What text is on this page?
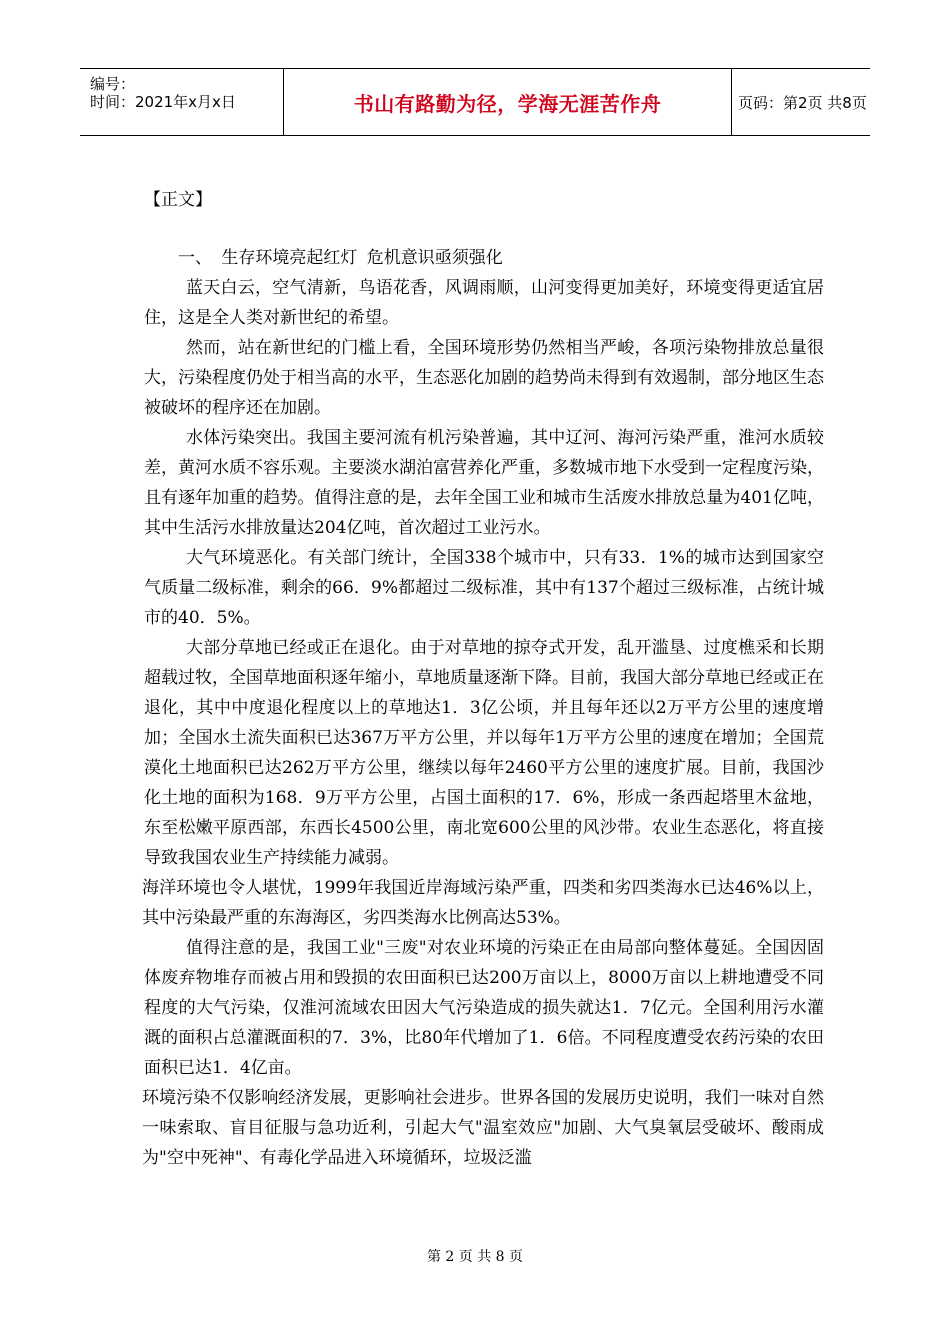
编号：
时间：2021年x月x日	书山有路勤为径，学海无涯苦作舟	页码：第2页 共8页

【正文】

一、 生存环境亮起红灯 危机意识亟须强化

蓝天白云，空气清新，鸟语花香，风调雨顺，山河变得更加美好，环境变得更适宜居住，这是全人类对新世纪的希望。

然而，站在新世纪的门槛上看，全国环境形势仍然相当严峻，各项污染物排放总量很大，污染程度仍处于相当高的水平，生态恶化加剧的趋势尚未得到有效遏制，部分地区生态被破坏的程序还在加剧。

水体污染突出。我国主要河流有机污染普遍，其中辽河、海河污染严重，淮河水质较差，黄河水质不容乐观。主要淡水湖泊富营养化严重，多数城市地下水受到一定程度污染，且有逐年加重的趋势。值得注意的是，去年全国工业和城市生活废水排放总量为401亿吨，其中生活污水排放量达204亿吨，首次超过工业污水。

大气环境恶化。有关部门统计，全国338个城市中，只有33．1%的城市达到国家空气质量二级标准，剩余的66．9%都超过二级标准，其中有137个超过三级标准，占统计城市的40．5%。

大部分草地已经或正在退化。由于对草地的掠夺式开发，乱开滥垦、过度樵采和长期超载过牧，全国草地面积逐年缩小，草地质量逐渐下降。目前，我国大部分草地已经或正在退化，其中中度退化程度以上的草地达1．3亿公顷，并且每年还以2万平方公里的速度增加；全国水土流失面积已达367万平方公里，并以每年1万平方公里的速度在增加；全国荒漠化土地面积已达262万平方公里，继续以每年2460平方公里的速度扩展。目前，我国沙化土地的面积为168．9万平方公里，占国土面积的17．6%，形成一条西起塔里木盆地，东至松嫩平原西部，东西长4500公里，南北宽600公里的风沙带。农业生态恶化，将直接导致我国农业生产持续能力减弱。

海洋环境也令人堪忧，1999年我国近岸海域污染严重，四类和劣四类海水已达46%以上，其中污染最严重的东海海区，劣四类海水比例高达53%。

值得注意的是，我国工业"三废"对农业环境的污染正在由局部向整体蔓延。全国因固体废弃物堆存而被占用和毁损的农田面积已达200万亩以上，8000万亩以上耕地遭受不同程度的大气污染，仅淮河流域农田因大气污染造成的损失就达1．7亿元。全国利用污水灌溉的面积占总灌溉面积的7．3%，比80年代增加了1．6倍。不同程度遭受农药污染的农田面积已达1．4亿亩。

环境污染不仅影响经济发展，更影响社会进步。世界各国的发展历史说明，我们一味对自然一味索取、盲目征服与急功近利，引起大气"温室效应"加剧、大气臭氧层受破坏、酸雨成为"空中死神"、有毒化学品进入环境循环，垃圾泛滥

第 2 页 共 8 页
